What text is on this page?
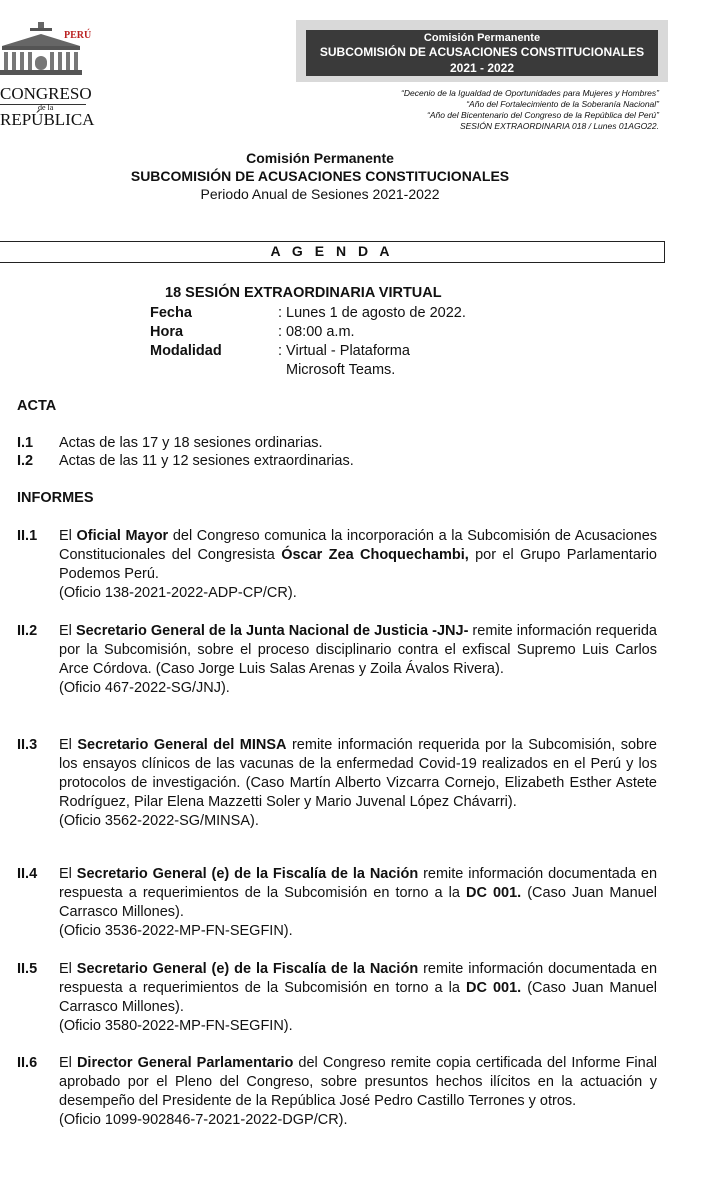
PERÚ
CONGRESO
de la
REPÚBLICA
Comisión Permanente
SUBCOMISIÓN DE ACUSACIONES CONSTITUCIONALES
2021 - 2022
“Decenio de la Igualdad de Oportunidades para Mujeres y Hombres”
“Año del Fortalecimiento de la Soberanía Nacional”
“Año del Bicentenario del Congreso de la República del Perú”
SESIÓN EXTRAORDINARIA 018 / Lunes 01AGO22.
Comisión Permanente
SUBCOMISIÓN DE ACUSACIONES CONSTITUCIONALES
Periodo Anual de Sesiones 2021-2022
A G E N D A
18 SESIÓN EXTRAORDINARIA VIRTUAL
Fecha	: Lunes 1 de agosto de 2022.
Hora	: 08:00 a.m.
Modalidad	: Virtual - Plataforma
Microsoft Teams.
ACTA
I.1 Actas de las 17 y 18 sesiones ordinarias.
I.2 Actas de las 11 y 12 sesiones extraordinarias.
INFORMES
II.1 El Oficial Mayor del Congreso comunica la incorporación a la Subcomisión de Acusaciones Constitucionales del Congresista Óscar Zea Choquechambi, por el Grupo Parlamentario Podemos Perú.
(Oficio 138-2021-2022-ADP-CP/CR).
II.2 El Secretario General de la Junta Nacional de Justicia -JNJ- remite información requerida por la Subcomisión, sobre el proceso disciplinario contra el exfiscal Supremo Luis Carlos Arce Córdova. (Caso Jorge Luis Salas Arenas y Zoila Ávalos Rivera).
(Oficio 467-2022-SG/JNJ).
II.3 El Secretario General del MINSA remite información requerida por la Subcomisión, sobre los ensayos clínicos de las vacunas de la enfermedad Covid-19 realizados en el Perú y los protocolos de investigación. (Caso Martín Alberto Vizcarra Cornejo, Elizabeth Esther Astete Rodríguez, Pilar Elena Mazzetti Soler y Mario Juvenal López Chávarri).
(Oficio 3562-2022-SG/MINSA).
II.4 El Secretario General (e) de la Fiscalía de la Nación remite información documentada en respuesta a requerimientos de la Subcomisión en torno a la DC 001. (Caso Juan Manuel Carrasco Millones).
(Oficio 3536-2022-MP-FN-SEGFIN).
II.5 El Secretario General (e) de la Fiscalía de la Nación remite información documentada en respuesta a requerimientos de la Subcomisión en torno a la DC 001. (Caso Juan Manuel Carrasco Millones).
(Oficio 3580-2022-MP-FN-SEGFIN).
II.6 El Director General Parlamentario del Congreso remite copia certificada del Informe Final aprobado por el Pleno del Congreso, sobre presuntos hechos ilícitos en la actuación y desempeño del Presidente de la República José Pedro Castillo Terrones y otros.
(Oficio 1099-902846-7-2021-2022-DGP/CR).
